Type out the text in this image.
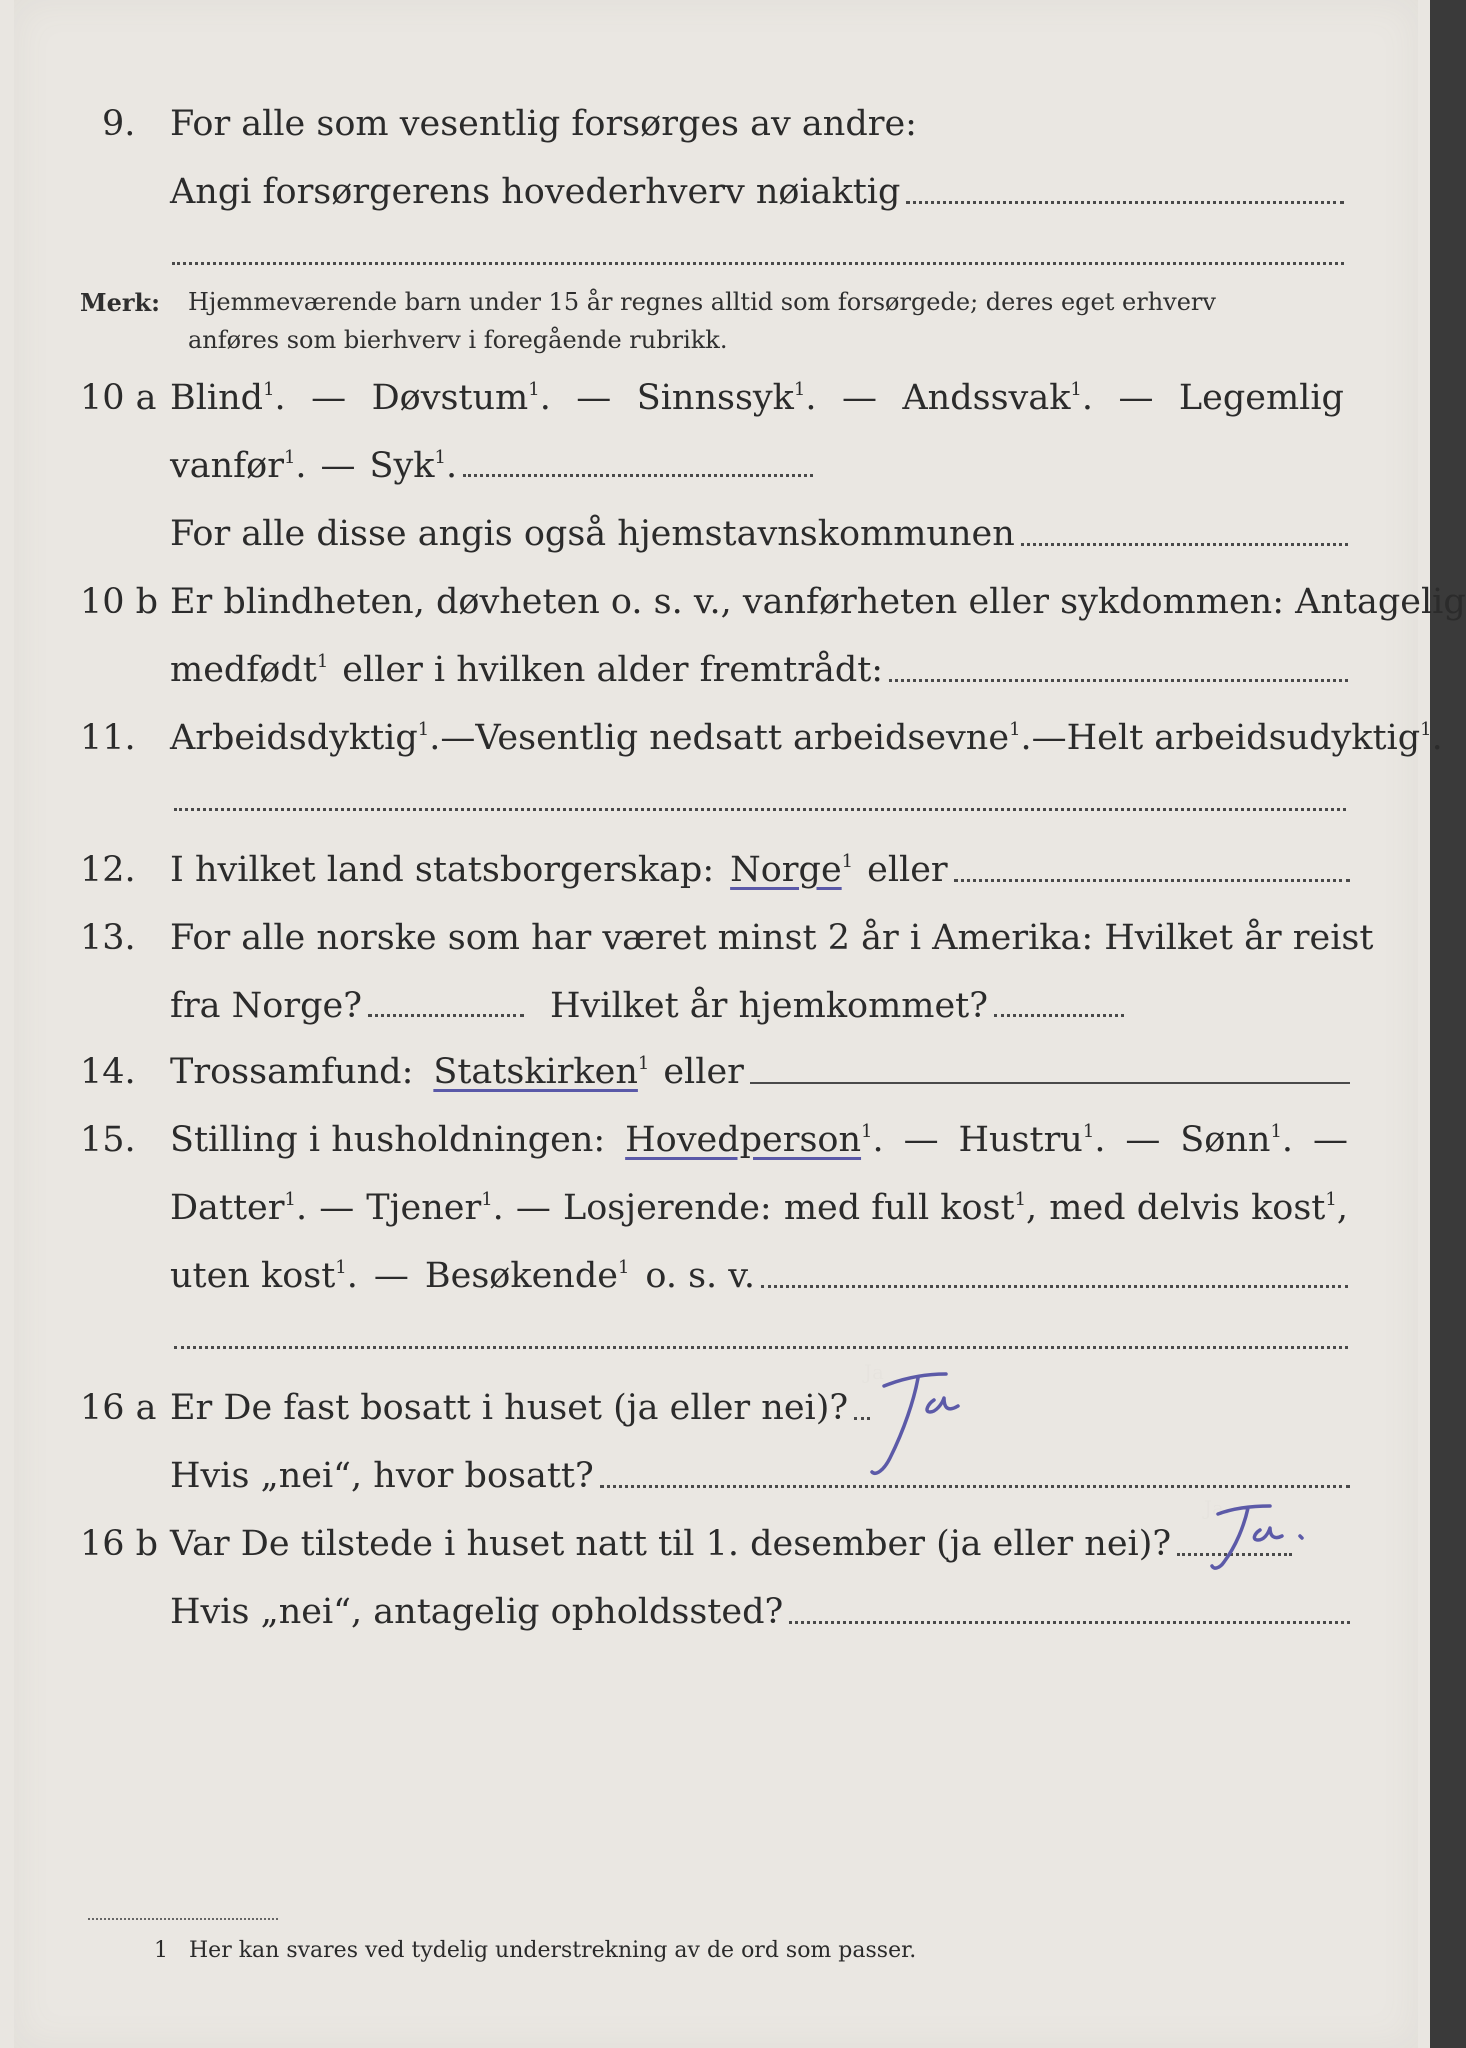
9. For alle som vesentlig forsørges av andre:
Angi forsørgerens hovederhverv nøiaktig
Merk: Hjemmeværende barn under 15 år regnes alltid som forsørgede; deres eget erhverv
anføres som bierhverv i foregående rubrikk.
10 a Blind$^1$. — Døvstum$^1$. — Sinnssyk$^1$. — Andssvak$^1$. — Legemlig
vanfør$^1$. — Syk$^1$.
For alle disse angis også hjemstavnskommunen
10 b Er blindheten, døvheten o. s. v., vanførheten eller sykdommen: Antagelig
medfødt$^1$ eller i hvilken alder fremtrådt:
11. Arbeidsdyktig$^1$. — Vesentlig nedsatt arbeidsevne$^1$. — Helt arbeidsudyktig$^1$.
12. I hvilket land statsborgerskap: Norge$^1$ eller
13. For alle norske som har været minst 2 år i Amerika: Hvilket år reist
fra Norge?	Hvilket år hjemkommet?
14. Trossamfund: Statskirken$^1$ eller
15. Stilling i husholdningen: Hovedperson$^1$. — Hustru$^1$. — Sønn$^1$. —
Datter$^1$. — Tjener$^1$. — Losjerende: med full kost$^1$, med delvis kost$^1$,
uten kost$^1$. — Besøkende$^1$ o. s. v.
16 a Er De fast bosatt i huset (ja eller nei)?
Hvis „nei“, hvor bosatt?
16 b Var De tilstede i huset natt til 1. desember (ja eller nei)?
Hvis „nei“, antagelig opholdssted?
1 Her kan svares ved tydelig understrekning av de ord som passer.
